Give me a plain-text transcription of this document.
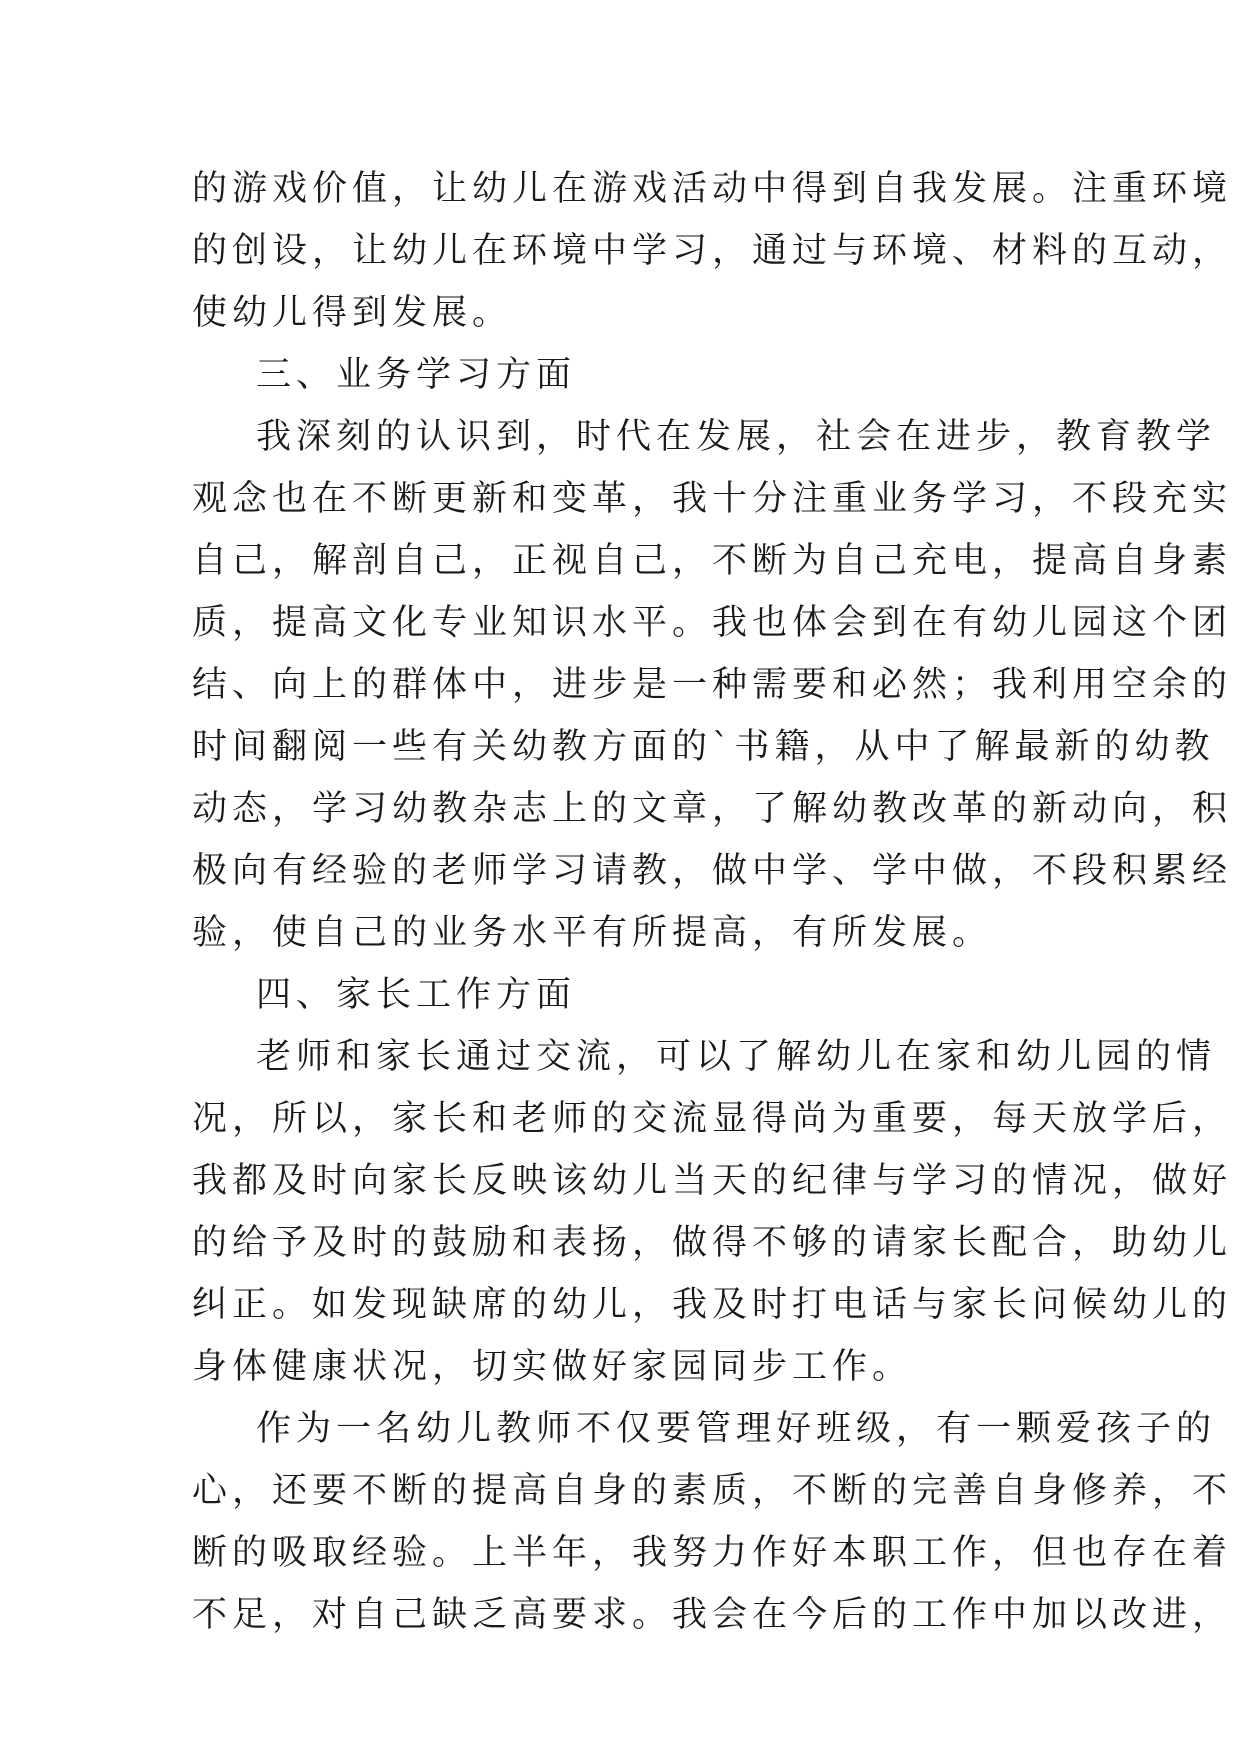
的游戏价值，让幼儿在游戏活动中得到自我发展。注重环境
的创设，让幼儿在环境中学习，通过与环境、材料的互动，
使幼儿得到发展。
三、业务学习方面
我深刻的认识到，时代在发展，社会在进步，教育教学
观念也在不断更新和变革，我十分注重业务学习，不段充实
自己，解剖自己，正视自己，不断为自己充电，提高自身素
质，提高文化专业知识水平。我也体会到在有幼儿园这个团
结、向上的群体中，进步是一种需要和必然；我利用空余的
时间翻阅一些有关幼教方面的`书籍，从中了解最新的幼教
动态，学习幼教杂志上的文章，了解幼教改革的新动向，积
极向有经验的老师学习请教，做中学、学中做，不段积累经
验，使自己的业务水平有所提高，有所发展。
四、家长工作方面
老师和家长通过交流，可以了解幼儿在家和幼儿园的情
况，所以，家长和老师的交流显得尚为重要，每天放学后，
我都及时向家长反映该幼儿当天的纪律与学习的情况，做好
的给予及时的鼓励和表扬，做得不够的请家长配合，助幼儿
纠正。如发现缺席的幼儿，我及时打电话与家长问候幼儿的
身体健康状况，切实做好家园同步工作。
作为一名幼儿教师不仅要管理好班级，有一颗爱孩子的
心，还要不断的提高自身的素质，不断的完善自身修养，不
断的吸取经验。上半年，我努力作好本职工作，但也存在着
不足，对自己缺乏高要求。我会在今后的工作中加以改进，
